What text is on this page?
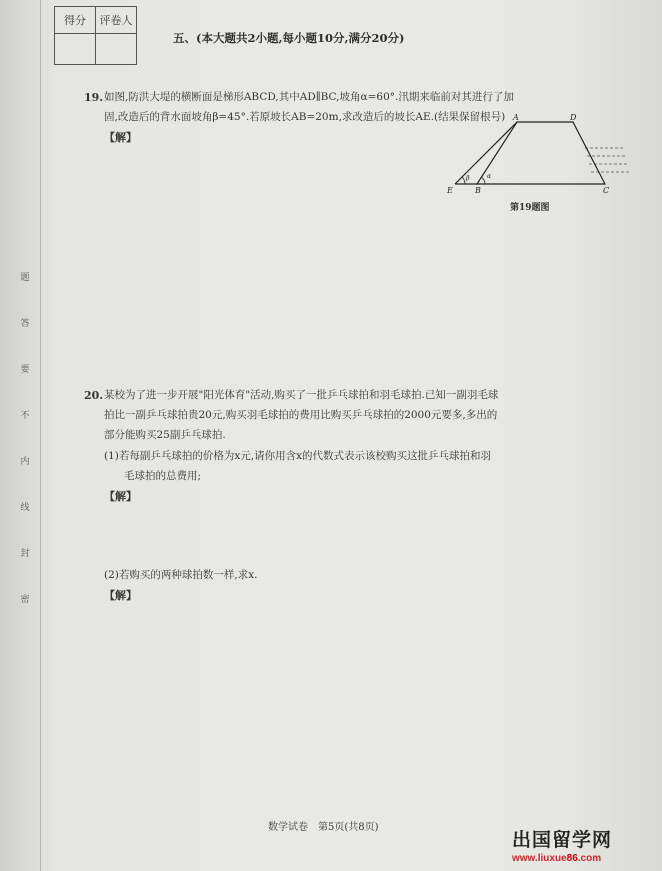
得分	评卷人

五、(本大题共2小题,每小题10分,满分20分)
题
答
要
不
内
线
封
密
19. 如图,防洪大堤的横断面是梯形ABCD,其中AD∥BC,坡角α=60°.汛期来临前对其进行了加
固,改造后的背水面坡角β=45°.若原坡长AB=20m,求改造后的坡长AE.(结果保留根号)
【解】
A	D
E	B	C
β	α
第19题图
20. 某校为了进一步开展"阳光体育"活动,购买了一批乒乓球拍和羽毛球拍.已知一副羽毛球
拍比一副乒乓球拍贵20元,购买羽毛球拍的费用比购买乒乓球拍的2000元要多,多出的
部分能购买25副乒乓球拍.
(1)若每副乒乓球拍的价格为x元,请你用含x的代数式表示该校购买这批乒乓球拍和羽
毛球拍的总费用;
【解】
(2)若购买的两种球拍数一样,求x.
【解】
数学试卷　第5页(共8页)
出国留学网
www.liuxue86.com
